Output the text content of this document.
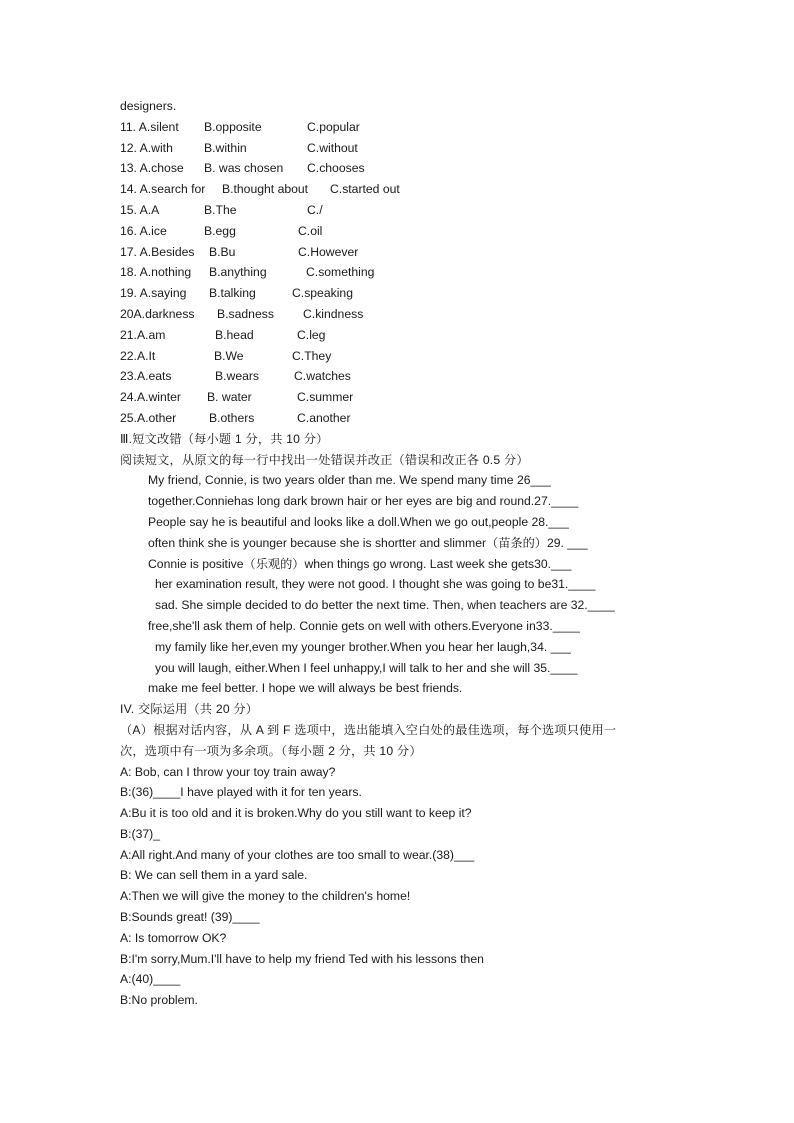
designers.
11. A.silent B.opposite	C.popular
12. A.with	B.within	C.without
13. A.chose B. was chosen C.chooses
14. A.search for B.thought about C.started out
15. A.A	B.The	C./
16. A.ice	B.egg	C.oil
17. A.Besides B.Bu	C.However
18. A.nothing B.anything	C.something
19. A.saying B.talking	C.speaking
20A.darkness B.sadness C.kindness
21.A.am	B.head	C.leg
22.A.It	B.We	C.They
23.A.eats	B.wears	C.watches
24.A.winter B. water	C.summer
25.A.other	B.others	C.another
Ⅲ.短文改错（每小题 1 分，共 10 分）
阅读短文，从原文的每一行中找出一处错误并改正（错误和改正各 0.5 分）
My friend, Connie, is two years older than me. We spend many time 26___
together.Conniehas long dark brown hair or her eyes are big and round.27.____
People say he is beautiful and looks like a doll.When we go out,people 28.___
often think she is younger because she is shortter and slimmer（苗条的）29. ___
Connie is positive（乐观的）when things go wrong. Last week she gets30.___
her examination result, they were not good. I thought she was going to be31.____
sad. She simple decided to do better the next time. Then, when teachers are 32.____
free,she'll ask them of help. Connie gets on well with others.Everyone in33.____
my family like her,even my younger brother.When you hear her laugh,34. ___
you will laugh, either.When I feel unhappy,I will talk to her and she will 35.____
make me feel better. I hope we will always be best friends.
IV. 交际运用（共 20 分）
（A）根据对话内容，从 A 到 F 选项中，选出能填入空白处的最佳选项，每个选项只使用一
次，选项中有一项为多余项。（每小题 2 分，共 10 分）
A: Bob, can I throw your toy train away?
B:(36)____I have played with it for ten years.
A:Bu it is too old and it is broken.Why do you still want to keep it?
B:(37)_
A:All right.And many of your clothes are too small to wear.(38)___
B: We can sell them in a yard sale.
A:Then we will give the money to the children's home!
B:Sounds great! (39)____
A: Is tomorrow OK?
B:I'm sorry,Mum.I'll have to help my friend Ted with his lessons then
A:(40)____
B:No problem.
